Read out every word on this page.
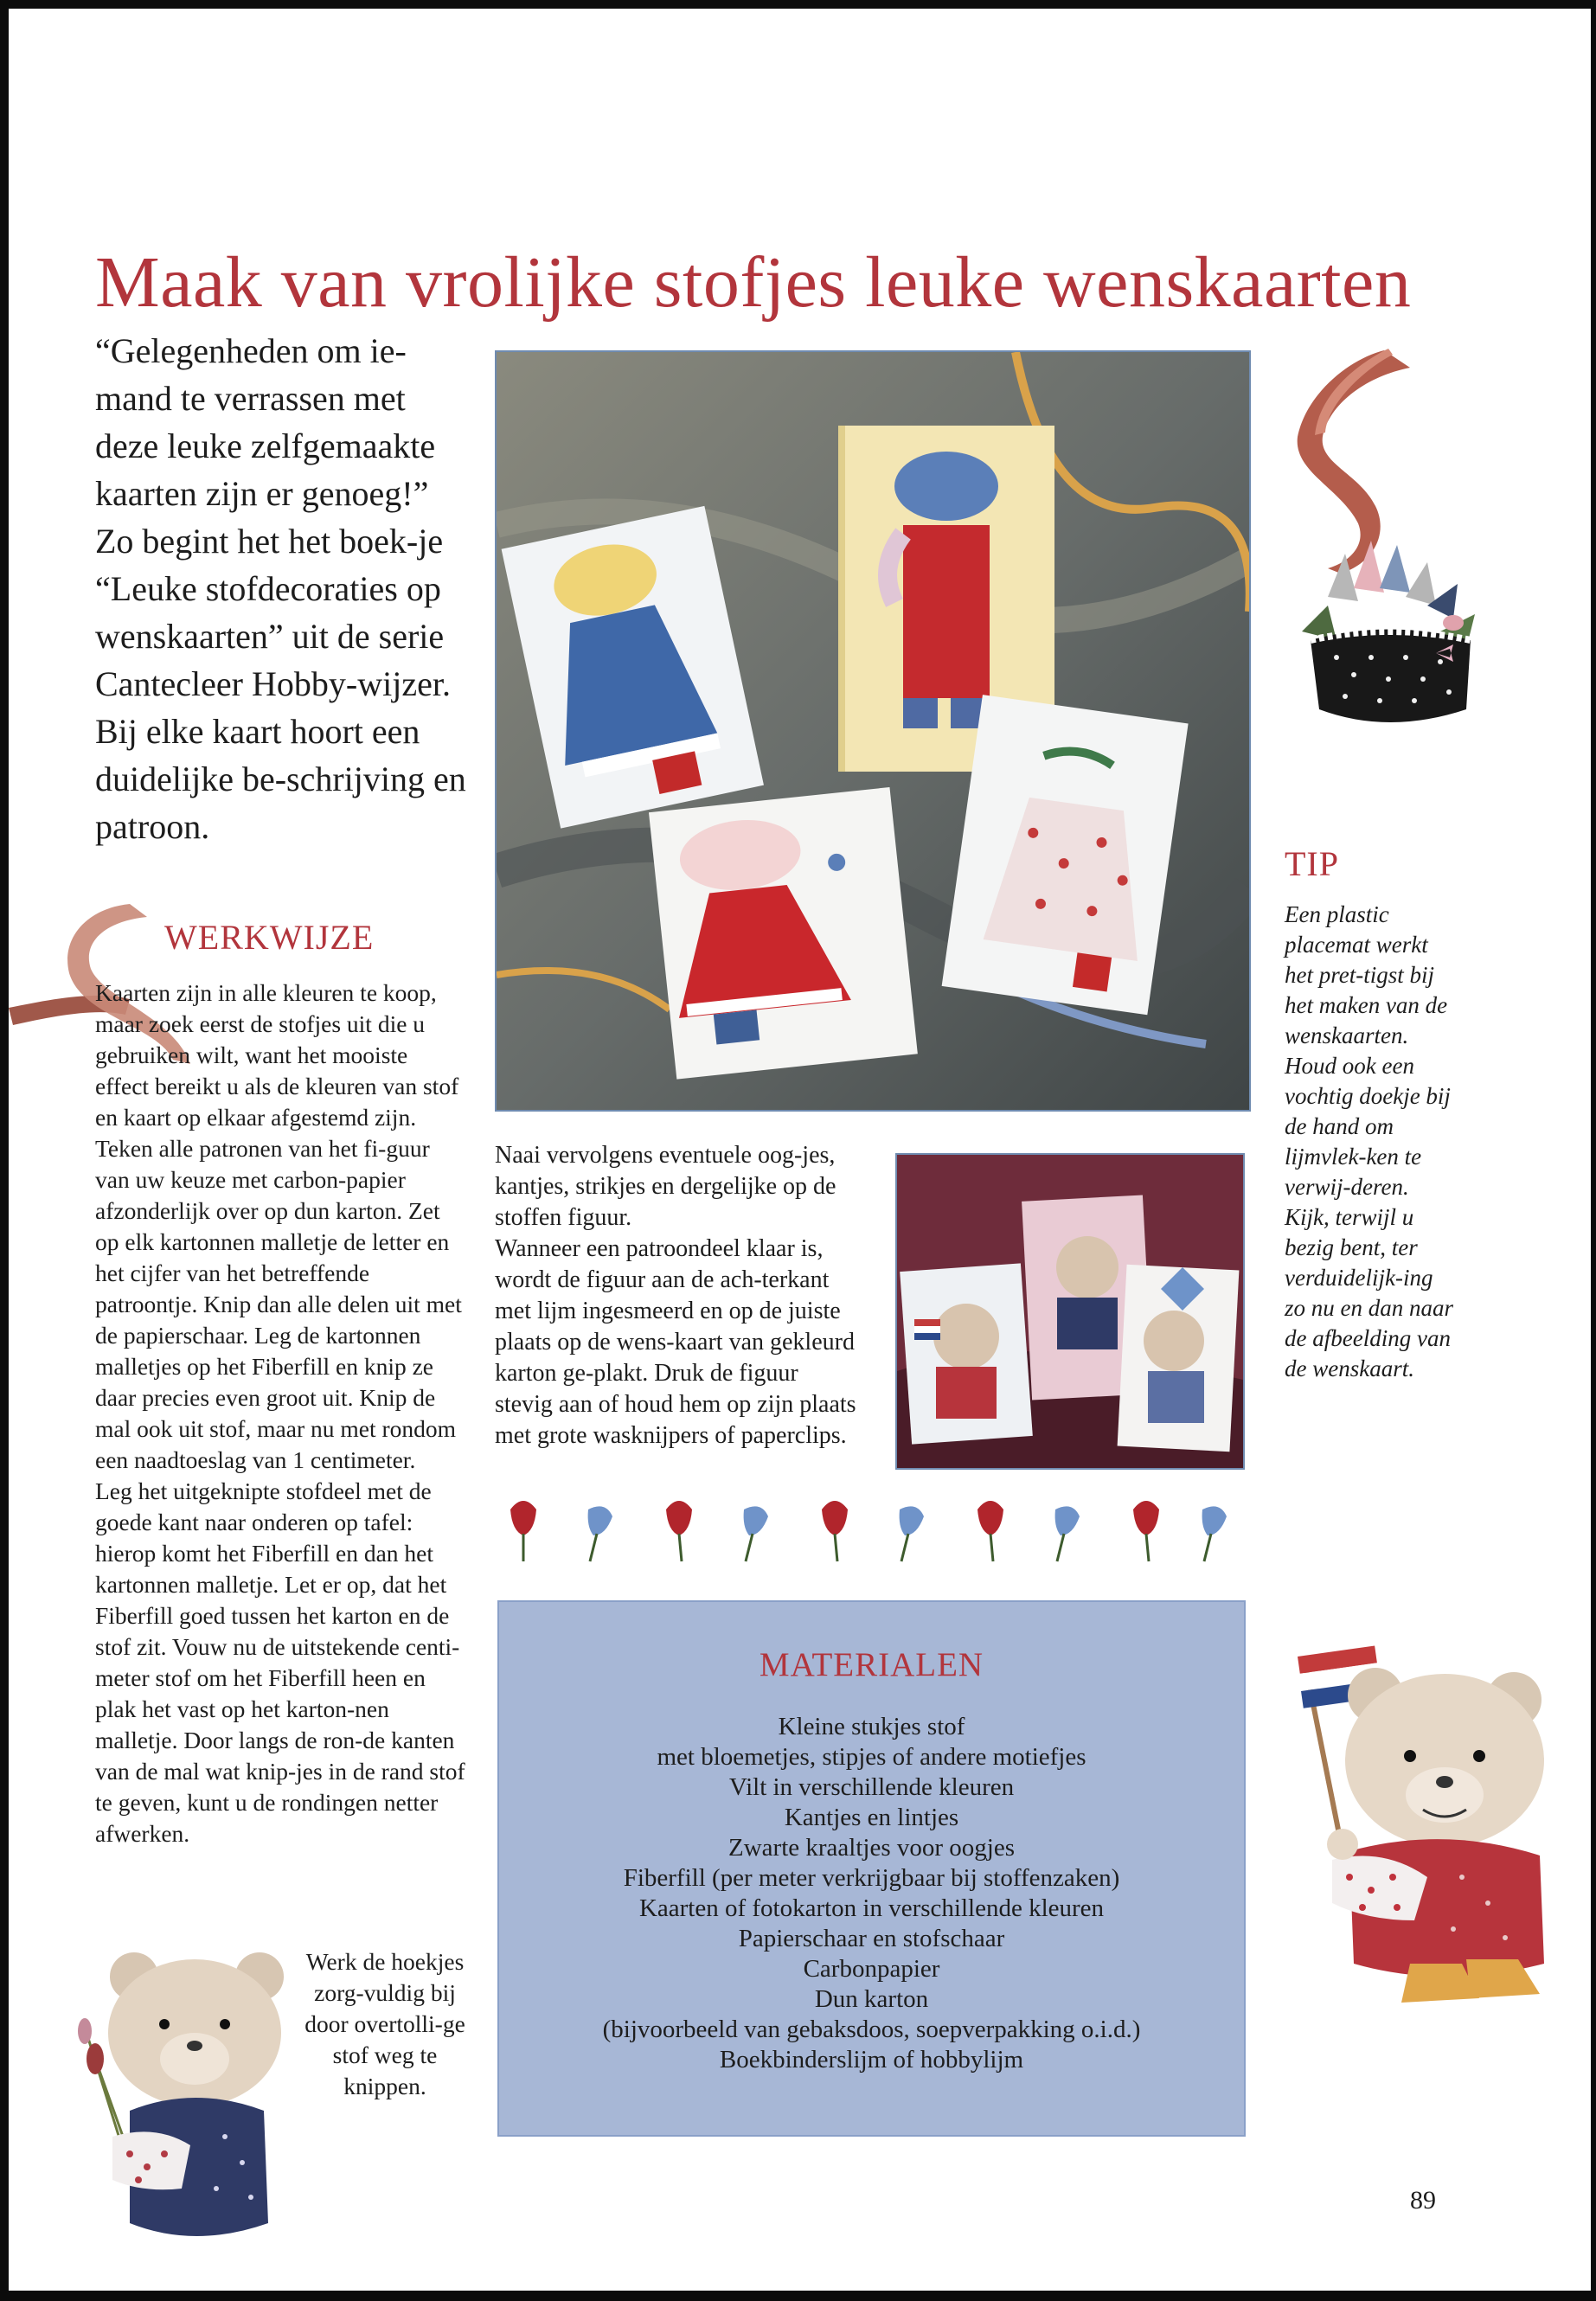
Maak van vrolijke stofjes leuke wenskaarten

“Gelegenheden om ie-mand te verrassen met deze leuke zelfgemaakte kaarten zijn er genoeg!” Zo begint het het boek-je “Leuke stofdecoraties op wenskaarten” uit de serie Cantecleer Hobby-wijzer. Bij elke kaart hoort een duidelijke be-schrijving en patroon.

WERKWIJZE

Kaarten zijn in alle kleuren te koop, maar zoek eerst de stofjes uit die u gebruiken wilt, want het mooiste effect bereikt u als de kleuren van stof en kaart op elkaar afgestemd zijn.

Teken alle patronen van het fi-guur van uw keuze met carbon-papier afzonderlijk over op dun karton. Zet op elk kartonnen malletje de letter en het cijfer van het betreffende patroontje. Knip dan alle delen uit met de papierschaar. Leg de kartonnen malletjes op het Fiberfill en knip ze daar precies even groot uit. Knip de mal ook uit stof, maar nu met rondom een naadtoeslag van 1 centimeter.

Leg het uitgeknipte stofdeel met de goede kant naar onderen op tafel: hierop komt het Fiberfill en dan het kartonnen malletje. Let er op, dat het Fiberfill goed tussen het karton en de stof zit. Vouw nu de uitstekende centi-meter stof om het Fiberfill heen en plak het vast op het karton-nen malletje. Door langs de ron-de kanten van de mal wat knip-jes in de rand stof te geven, kunt u de rondingen netter afwerken.

Werk de hoekjes zorg-vuldig bij door overtolli-ge stof weg te knippen.

Naai vervolgens eventuele oog-jes, kantjes, strikjes en dergelijke op de stoffen figuur.

Wanneer een patroondeel klaar is, wordt de figuur aan de ach-terkant met lijm ingesmeerd en op de juiste plaats op de wens-kaart van gekleurd karton ge-plakt. Druk de figuur stevig aan of houd hem op zijn plaats met grote wasknijpers of paperclips.

TIP
Een plastic placemat werkt het pret-tigst bij het maken van de wenskaarten. Houd ook een vochtig doekje bij de hand om lijmvlek-ken te verwij-deren. Kijk, terwijl u bezig bent, ter verduidelijk-ing zo nu en dan naar de afbeelding van de wenskaart.
MATERIALEN
Kleine stukjes stof
met bloemetjes, stipjes of andere motiefjes
Vilt in verschillende kleuren
Kantjes en lintjes
Zwarte kraaltjes voor oogjes
Fiberfill (per meter verkrijgbaar bij stoffenzaken)
Kaarten of fotokarton in verschillende kleuren
Papierschaar en stofschaar
Carbonpapier
Dun karton
(bijvoorbeeld van gebaksdoos, soepverpakking o.i.d.)
Boekbinderslijm of hobbylijm
89
